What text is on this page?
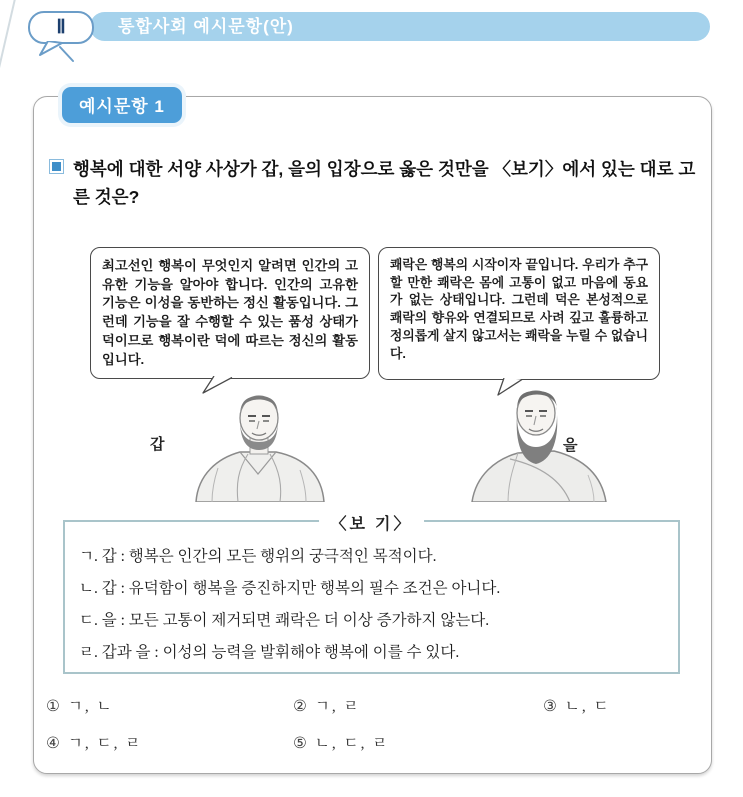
통합사회 예시문항(안)
Ⅱ
예시문항 1
행복에 대한 서양 사상가 갑, 을의 입장으로 옳은 것만을 〈보기〉에서 있는 대로 고른 것은?
최고선인 행복이 무엇인지 알려면 인간의 고유한 기능을 알아야 합니다. 인간의 고유한 기능은 이성을 동반하는 정신 활동입니다. 그런데 기능을 잘 수행할 수 있는 품성 상태가 덕이므로 행복이란 덕에 따르는 정신의 활동입니다.
쾌락은 행복의 시작이자 끝입니다. 우리가 추구할 만한 쾌락은 몸에 고통이 없고 마음에 동요가 없는 상태입니다. 그런데 덕은 본성적으로 쾌락의 향유와 연결되므로 사려 깊고 훌륭하고 정의롭게 살지 않고서는 쾌락을 누릴 수 없습니다.
갑	을
〈보 기〉
ㄱ. 갑 : 행복은 인간의 모든 행위의 궁극적인 목적이다.
ㄴ. 갑 : 유덕함이 행복을 증진하지만 행복의 필수 조건은 아니다.
ㄷ. 을 : 모든 고통이 제거되면 쾌락은 더 이상 증가하지 않는다.
ㄹ. 갑과 을 : 이성의 능력을 발휘해야 행복에 이를 수 있다.
① ㄱ, ㄴ	② ㄱ, ㄹ	③ ㄴ, ㄷ
④ ㄱ, ㄷ, ㄹ	⑤ ㄴ, ㄷ, ㄹ
